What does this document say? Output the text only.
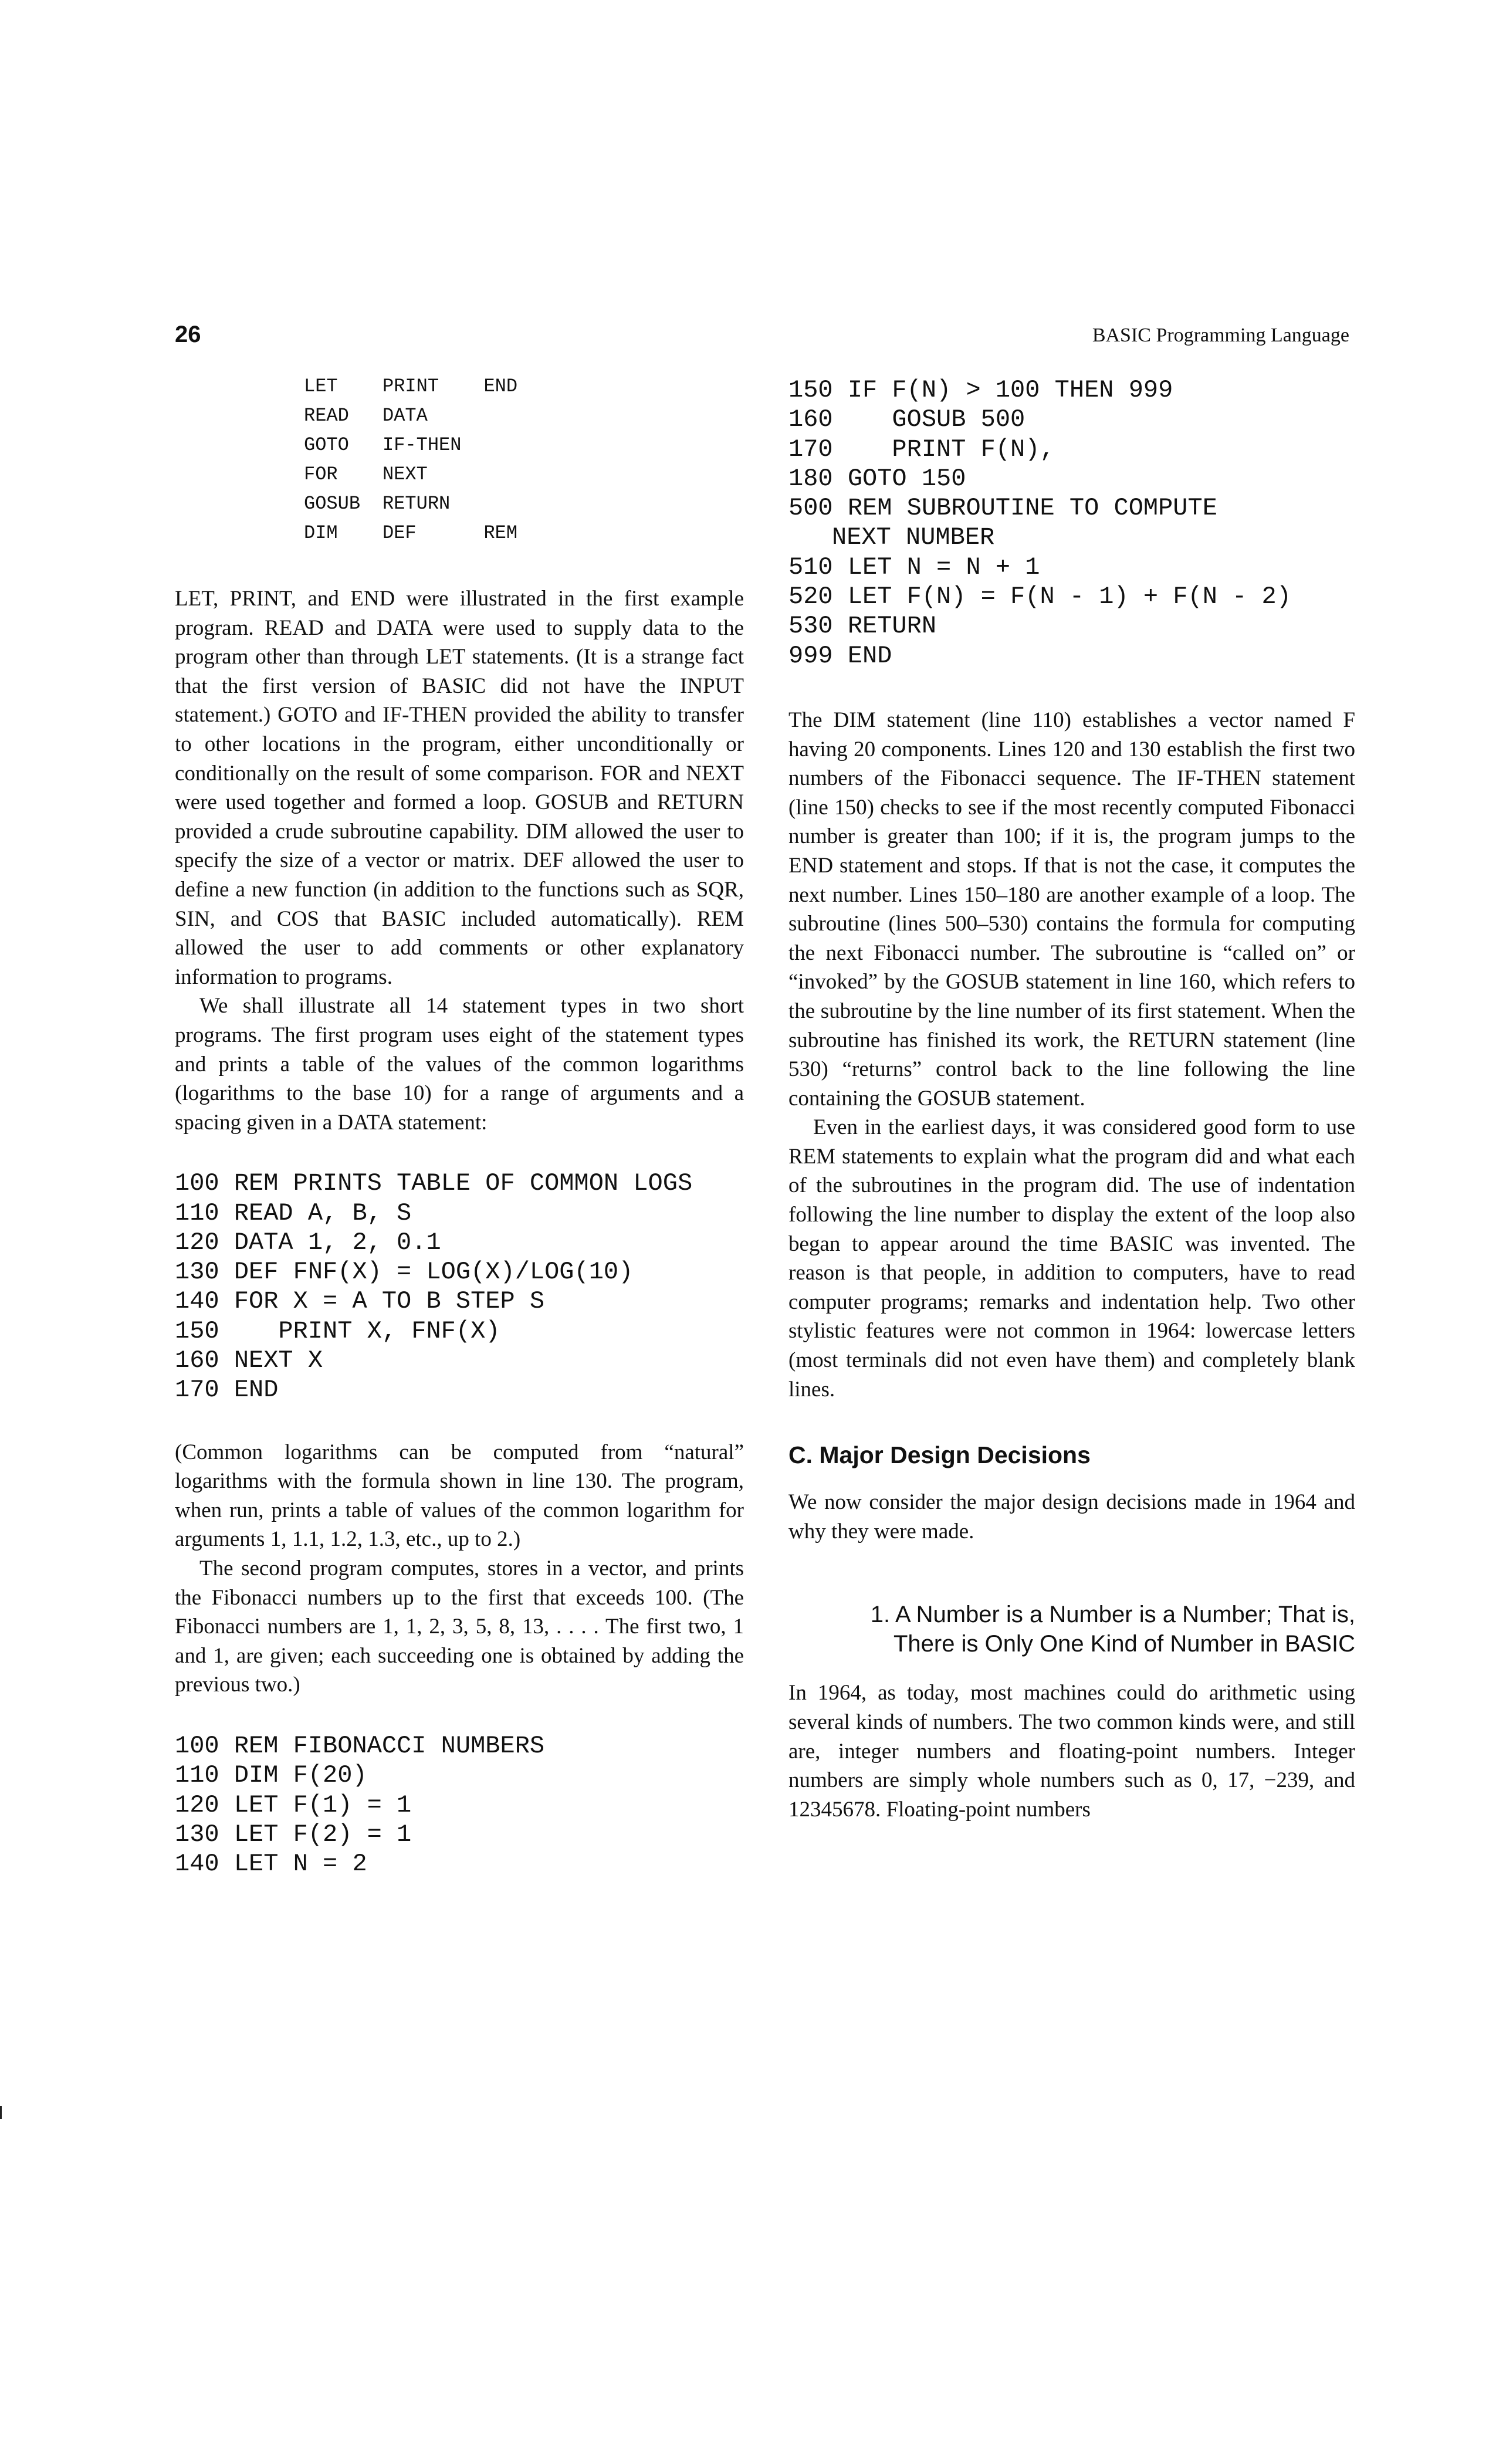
26	BASIC Programming Language
LET	PRINT	END
READ	DATA	
GOTO	IF-THEN	
FOR	NEXT	
GOSUB	RETURN	
DIM	DEF	REM

LET, PRINT, and END were illustrated in the first example program. READ and DATA were used to supply data to the program other than through LET statements. (It is a strange fact that the first version of BASIC did not have the INPUT statement.) GOTO and IF-THEN provided the ability to transfer to other locations in the program, either unconditionally or conditionally on the result of some comparison. FOR and NEXT were used together and formed a loop. GOSUB and RETURN provided a crude subroutine capability. DIM allowed the user to specify the size of a vector or matrix. DEF allowed the user to define a new function (in addition to the functions such as SQR, SIN, and COS that BASIC included automatically). REM allowed the user to add comments or other explanatory information to programs.

We shall illustrate all 14 statement types in two short programs. The first program uses eight of the statement types and prints a table of the values of the common logarithms (logarithms to the base 10) for a range of arguments and a spacing given in a DATA statement:

100 REM PRINTS TABLE OF COMMON LOGS
110 READ A, B, S
120 DATA 1, 2, 0.1
130 DEF FNF(X) = LOG(X)/LOG(10)
140 FOR X = A TO B STEP S
150    PRINT X, FNF(X)
160 NEXT X
170 END

(Common logarithms can be computed from “natural” logarithms with the formula shown in line 130. The program, when run, prints a table of values of the common logarithm for arguments 1, 1.1, 1.2, 1.3, etc., up to 2.)

The second program computes, stores in a vector, and prints the Fibonacci numbers up to the first that exceeds 100. (The Fibonacci numbers are 1, 1, 2, 3, 5, 8, 13, . . . . The first two, 1 and 1, are given; each succeeding one is obtained by adding the previous two.)

100 REM FIBONACCI NUMBERS
110 DIM F(20)
120 LET F(1) = 1
130 LET F(2) = 1
140 LET N = 2
150 IF F(N) > 100 THEN 999
160    GOSUB 500
170    PRINT F(N),
180 GOTO 150
500 REM SUBROUTINE TO COMPUTE
NEXT NUMBER
510 LET N = N + 1
520 LET F(N) = F(N - 1) + F(N - 2)
530 RETURN
999 END

The DIM statement (line 110) establishes a vector named F having 20 components. Lines 120 and 130 establish the first two numbers of the Fibonacci sequence. The IF-THEN statement (line 150) checks to see if the most recently computed Fibonacci number is greater than 100; if it is, the program jumps to the END statement and stops. If that is not the case, it computes the next number. Lines 150–180 are another example of a loop. The subroutine (lines 500–530) contains the formula for computing the next Fibonacci number. The subroutine is “called on” or “invoked” by the GOSUB statement in line 160, which refers to the subroutine by the line number of its first statement. When the subroutine has finished its work, the RETURN statement (line 530) “returns” control back to the line following the line containing the GOSUB statement.

Even in the earliest days, it was considered good form to use REM statements to explain what the program did and what each of the subroutines in the program did. The use of indentation following the line number to display the extent of the loop also began to appear around the time BASIC was invented. The reason is that people, in addition to computers, have to read computer programs; remarks and indentation help. Two other stylistic features were not common in 1964: lowercase letters (most terminals did not even have them) and completely blank lines.

C. Major Design Decisions

We now consider the major design decisions made in 1964 and why they were made.

1. A Number is a Number is a Number; That is,
There is Only One Kind of Number in BASIC

In 1964, as today, most machines could do arithmetic using several kinds of numbers. The two common kinds were, and still are, integer numbers and floating-point numbers. Integer numbers are simply whole numbers such as 0, 17, −239, and 12345678. Floating-point numbers
